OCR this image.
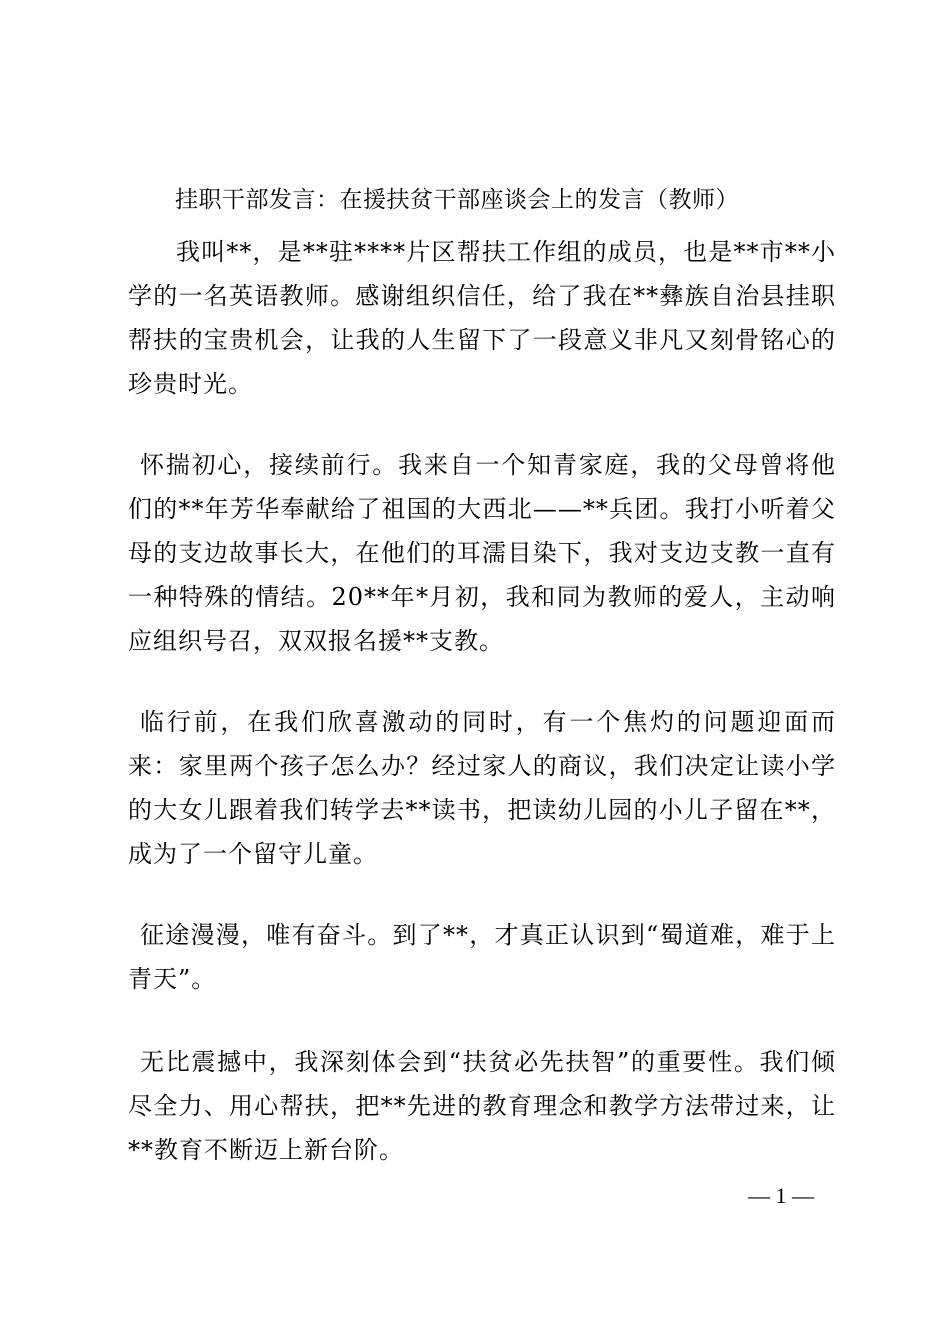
挂职干部发言：在援扶贫干部座谈会上的发言（教师）

我叫**，是**驻****片区帮扶工作组的成员，也是**市**小学的一名英语教师。感谢组织信任，给了我在**彝族自治县挂职帮扶的宝贵机会，让我的人生留下了一段意义非凡又刻骨铭心的珍贵时光。

怀揣初心，接续前行。我来自一个知青家庭，我的父母曾将他们的**年芳华奉献给了祖国的大西北——**兵团。我打小听着父母的支边故事长大，在他们的耳濡目染下，我对支边支教一直有一种特殊的情结。20**年*月初，我和同为教师的爱人，主动响应组织号召，双双报名援**支教。

临行前，在我们欣喜激动的同时，有一个焦灼的问题迎面而来：家里两个孩子怎么办？经过家人的商议，我们决定让读小学的大女儿跟着我们转学去**读书，把读幼儿园的小儿子留在**，成为了一个留守儿童。

征途漫漫，唯有奋斗。到了**，才真正认识到“蜀道难，难于上青天”。

无比震撼中，我深刻体会到“扶贫必先扶智”的重要性。我们倾尽全力、用心帮扶，把**先进的教育理念和教学方法带过来，让**教育不断迈上新台阶。

— 1 —
